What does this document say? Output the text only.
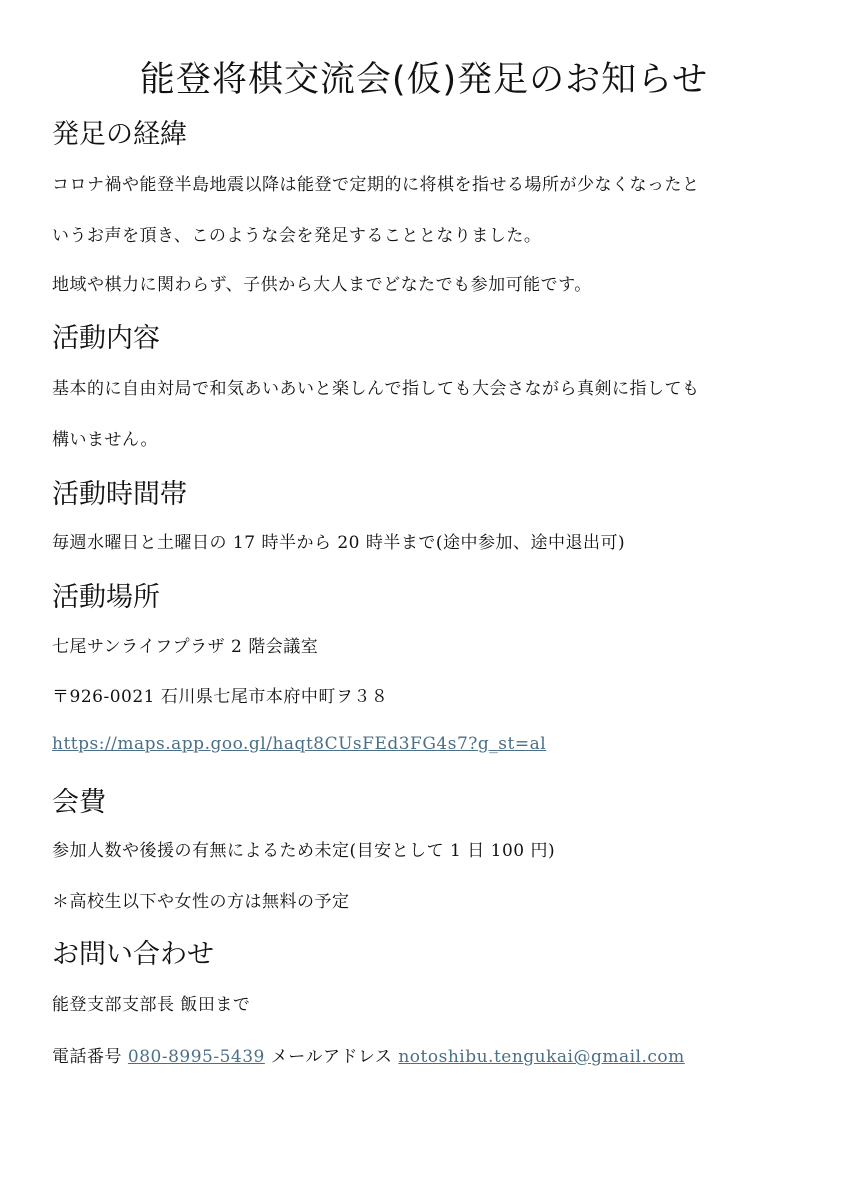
能登将棋交流会(仮)発足のお知らせ
発足の経緯

コロナ禍や能登半島地震以降は能登で定期的に将棋を指せる場所が少なくなったと

いうお声を頂き、このような会を発足することとなりました。

地域や棋力に関わらず、子供から大人までどなたでも参加可能です。

活動内容

基本的に自由対局で和気あいあいと楽しんで指しても大会さながら真剣に指しても

構いません。

活動時間帯

毎週水曜日と土曜日の 17 時半から 20 時半まで(途中参加、途中退出可)

活動場所

七尾サンライフプラザ 2 階会議室

〒926-0021 石川県七尾市本府中町ヲ３８

https://maps.app.goo.gl/haqt8CUsFEd3FG4s7?g_st=al

会費

参加人数や後援の有無によるため未定(目安として 1 日 100 円)

＊高校生以下や女性の方は無料の予定

お問い合わせ

能登支部支部長 飯田まで

電話番号 080-8995-5439 メールアドレス notoshibu.tengukai@gmail.com
